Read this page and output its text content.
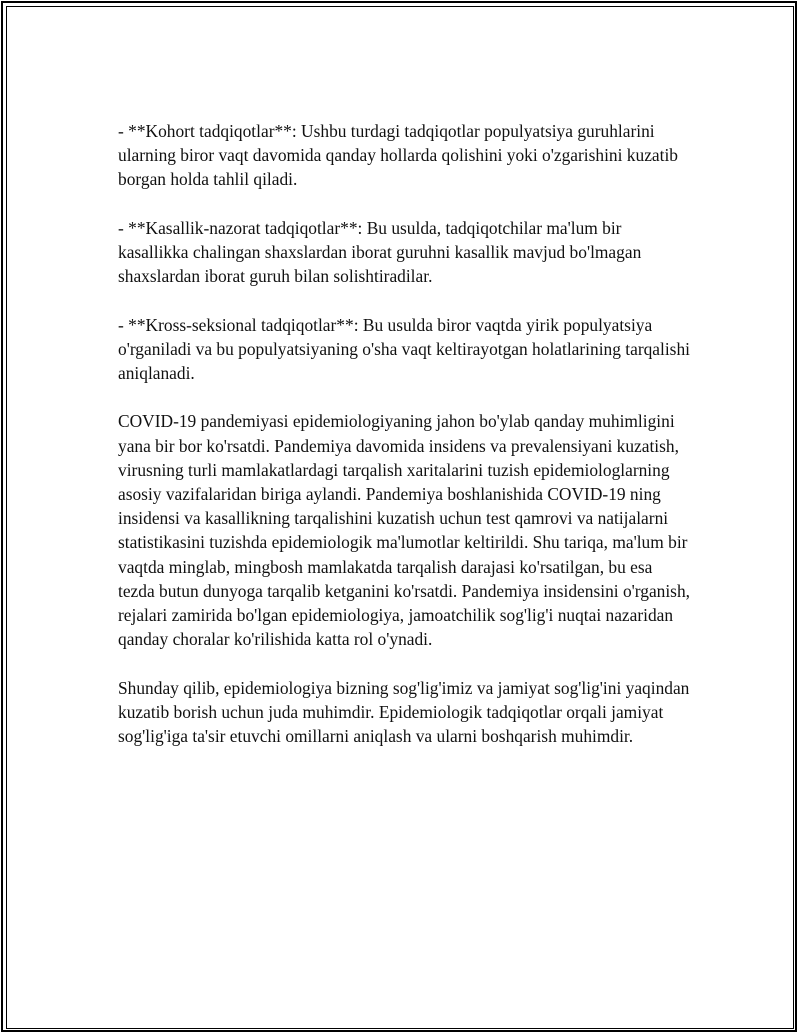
- **Kohort tadqiqotlar**: Ushbu turdagi tadqiqotlar populyatsiya guruhlarini ularning biror vaqt davomida qanday hollarda qolishini yoki o'zgarishini kuzatib borgan holda tahlil qiladi.

- **Kasallik-nazorat tadqiqotlar**: Bu usulda, tadqiqotchilar ma'lum bir kasallikka chalingan shaxslardan iborat guruhni kasallik mavjud bo'lmagan shaxslardan iborat guruh bilan solishtiradilar.

- **Kross-seksional tadqiqotlar**: Bu usulda biror vaqtda yirik populyatsiya o'rganiladi va bu populyatsiyaning o'sha vaqt keltirayotgan holatlarining tarqalishi aniqlanadi.

COVID-19 pandemiyasi epidemiologiyaning jahon bo'ylab qanday muhimligini yana bir bor ko'rsatdi. Pandemiya davomida insidens va prevalensiyani kuzatish, virusning turli mamlakatlardagi tarqalish xaritalarini tuzish epidemiologlarning asosiy vazifalaridan biriga aylandi. Pandemiya boshlanishida COVID-19 ning insidensi va kasallikning tarqalishini kuzatish uchun test qamrovi va natijalarni statistikasini tuzishda epidemiologik ma'lumotlar keltirildi. Shu tariqa, ma'lum bir vaqtda minglab, mingbosh mamlakatda tarqalish darajasi ko'rsatilgan, bu esa tezda butun dunyoga tarqalib ketganini ko'rsatdi. Pandemiya insidensini o'rganish, rejalari zamirida bo'lgan epidemiologiya, jamoatchilik sog'lig'i nuqtai nazaridan qanday choralar ko'rilishida katta rol o'ynadi.

Shunday qilib, epidemiologiya bizning sog'lig'imiz va jamiyat sog'lig'ini yaqindan kuzatib borish uchun juda muhimdir. Epidemiologik tadqiqotlar orqali jamiyat sog'lig'iga ta'sir etuvchi omillarni aniqlash va ularni boshqarish muhimdir.
